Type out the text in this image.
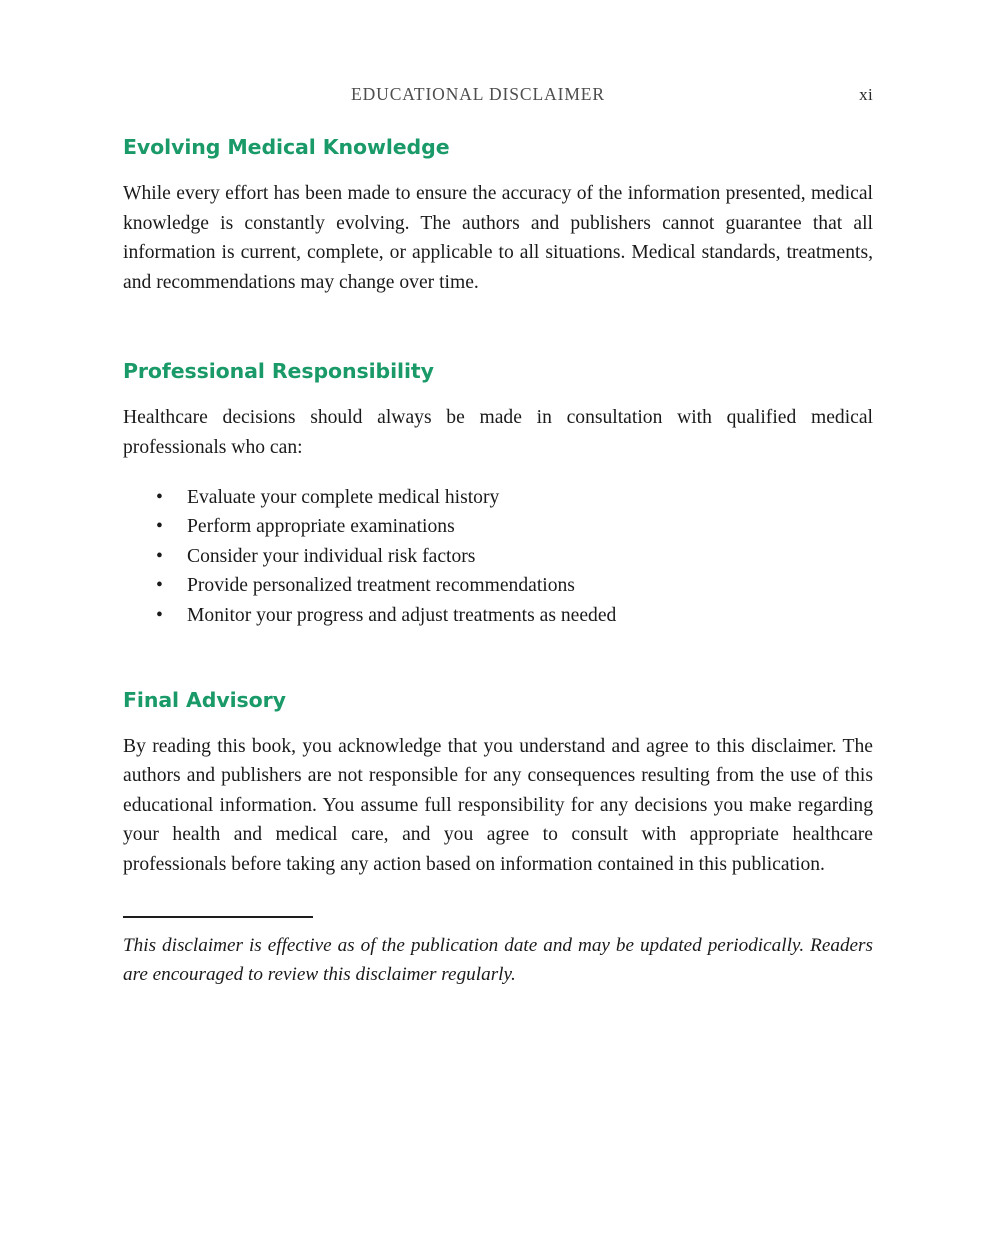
EDUCATIONAL DISCLAIMER	xi
Evolving Medical Knowledge

While every effort has been made to ensure the accuracy of the information presented, medical knowledge is constantly evolving. The authors and publishers cannot guarantee that all information is current, complete, or applicable to all situations. Medical standards, treatments, and recommendations may change over time.

Professional Responsibility

Healthcare decisions should always be made in consultation with qualified medical professionals who can:

• Evaluate your complete medical history
• Perform appropriate examinations
• Consider your individual risk factors
• Provide personalized treatment recommendations
• Monitor your progress and adjust treatments as needed
Final Advisory

By reading this book, you acknowledge that you understand and agree to this disclaimer. The authors and publishers are not responsible for any consequences resulting from the use of this educational information. You assume full responsibility for any decisions you make regarding your health and medical care, and you agree to consult with appropriate healthcare professionals before taking any action based on information contained in this publication.

This disclaimer is effective as of the publication date and may be updated periodically. Readers are encouraged to review this disclaimer regularly.
